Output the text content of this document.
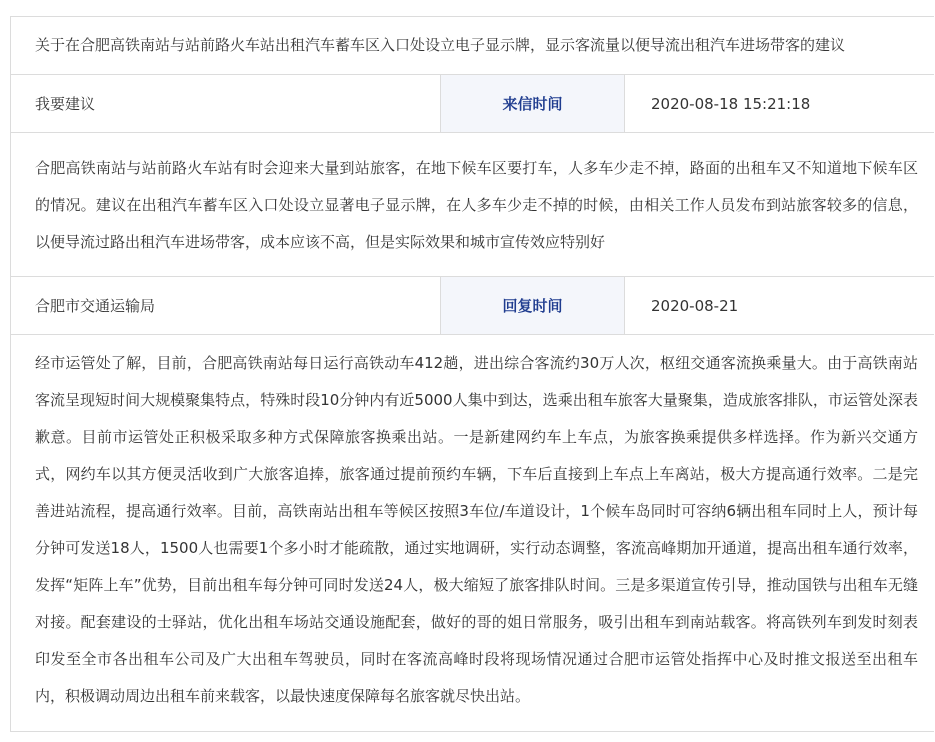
关于在合肥高铁南站与站前路火车站出租汽车蓄车区入口处设立电子显示牌，显示客流量以便导流出租汽车进场带客的建议
我要建议	来信时间	2020-08-18 15:21:18
合肥高铁南站与站前路火车站有时会迎来大量到站旅客，在地下候车区要打车，人多车少走不掉，路面的出租车又不知道地下候车区的情况。建议在出租汽车蓄车区入口处设立显著电子显示牌，在人多车少走不掉的时候，由相关工作人员发布到站旅客较多的信息，以便导流过路出租汽车进场带客，成本应该不高，但是实际效果和城市宣传效应特别好
合肥市交通运输局	回复时间	2020-08-21
经市运管处了解，目前，合肥高铁南站每日运行高铁动车412趟，进出综合客流约30万人次，枢纽交通客流换乘量大。由于高铁南站客流呈现短时间大规模聚集特点，特殊时段10分钟内有近5000人集中到达，选乘出租车旅客大量聚集，造成旅客排队，市运管处深表歉意。目前市运管处正积极采取多种方式保障旅客换乘出站。一是新建网约车上车点，为旅客换乘提供多样选择。作为新兴交通方式，网约车以其方便灵活收到广大旅客追捧，旅客通过提前预约车辆，下车后直接到上车点上车离站，极大方提高通行效率。二是完善进站流程，提高通行效率。目前，高铁南站出租车等候区按照3车位/车道设计，1个候车岛同时可容纳6辆出租车同时上人，预计每分钟可发送18人，1500人也需要1个多小时才能疏散，通过实地调研，实行动态调整，客流高峰期加开通道，提高出租车通行效率，发挥“矩阵上车”优势，目前出租车每分钟可同时发送24人，极大缩短了旅客排队时间。三是多渠道宣传引导，推动国铁与出租车无缝对接。配套建设的士驿站，优化出租车场站交通设施配套，做好的哥的姐日常服务，吸引出租车到南站载客。将高铁列车到发时刻表印发至全市各出租车公司及广大出租车驾驶员，同时在客流高峰时段将现场情况通过合肥市运管处指挥中心及时推文报送至出租车内，积极调动周边出租车前来载客，以最快速度保障每名旅客就尽快出站。
